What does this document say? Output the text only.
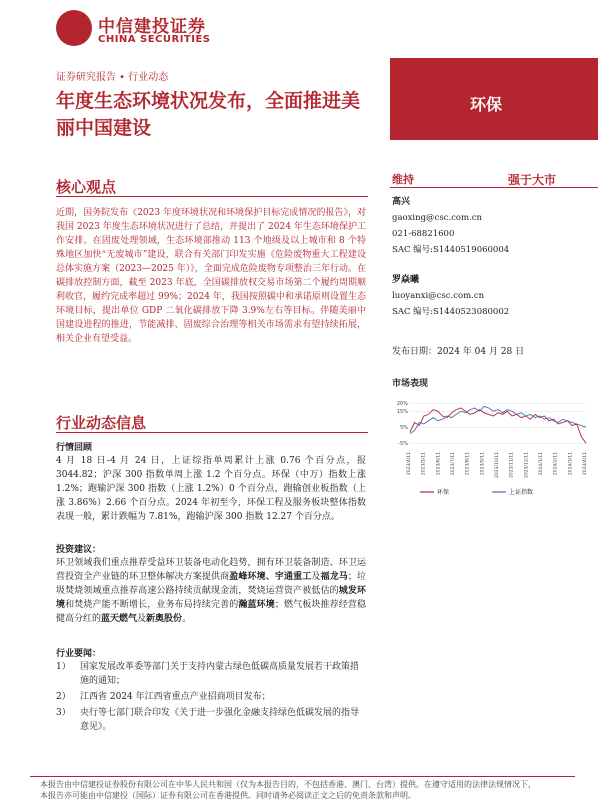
中信建投证券
CHINA SECURITIES
证券研究报告 • 行业动态
年度生态环境状况发布，全面推进美丽中国建设
环保
核心观点
近期，国务院发布《2023 年度环境状况和环境保护目标完成情况的报告》，对我国 2023 年度生态环境状况进行了总结，并提出了 2024 年生态环境保护工作安排。在固废处理领域，生态环境部推动 113 个地级及以上城市和 8 个特殊地区加快“无废城市”建设，联合有关部门印发实施《危险废物重大工程建设总体实施方案（2023—2025 年）》，全面完成危险废物专项整治三年行动。在碳排放控制方面，截至 2023 年底，全国碳排放权交易市场第二个履约周期顺利收官，履约完成率超过 99%；2024 年，我国按照碳中和承诺原则设置生态环境目标，提出单位 GDP 二氧化碳排放下降 3.9%左右等目标。伴随美丽中国建设进程的推进，节能减排、固废综合治理等相关市场需求有望持续拓展，相关企业有望受益。
行业动态信息
行情回顾
4 月 18 日-4 月 24 日，上证综指单周累计上涨 0.76 个百分点，报 3044.82；沪深 300 指数单周上涨 1.2 个百分点。环保（中万）指数上涨 1.2%；跑输沪深 300 指数（上涨 1.2%）0 个百分点，跑输创业板指数（上涨 3.86%）2.66 个百分点。2024 年初至今，环保工程及服务板块整体指数表现一般，累计跌幅为 7.81%，跑输沪深 300 指数 12.27 个百分点。
投资建议：
环卫领域我们重点推荐受益环卫装备电动化趋势，拥有环卫装备制造、环卫运营投资全产业链的环卫整体解决方案提供商盈峰环境、宇通重工及福龙马；垃圾焚烧领域重点推荐高速公路持续贡献现金流，焚烧运营资产被低估的城发环境和焚烧产能不断增长，业务布局持续完善的瀚蓝环境；燃气板块推荐经营稳健高分红的蓝天燃气及新奥股份。
行业要闻：
1） 国家发展改革委等部门关于支持内蒙古绿色低碳高质量发展若干政策措施的通知；
2） 江西省 2024 年江西省重点产业招商项目发布；
3） 央行等七部门联合印发《关于进一步强化金融支持绿色低碳发展的指导意见》。
维持	强于大市
高兴
gaoxing@csc.com.cn
021-68821600
SAC 编号:S1440519060004
罗焱曦
luoyanxi@csc.com.cn
SAC 编号:S1440523080002
发布日期：2024 年 04 月 28 日
市场表现
20%
15%
5%
-5%
2023/4/11 2023/5/11 2023/6/11 2023/7/11 2023/8/11 2023/9/11 2023/10/11 2023/11/11 2023/12/11 2024/1/11 2024/2/11 2024/3/11 2024/4/11
环保	上证指数
本报告由中信建投证券股份有限公司在中华人民共和国（仅为本报告目的，不包括香港、澳门、台湾）提供。在遵守适用的法律法规情况下，
本报告亦可能由中信建投（国际）证券有限公司在香港提供。同时请务必阅读正文之后的免责条款和声明。
